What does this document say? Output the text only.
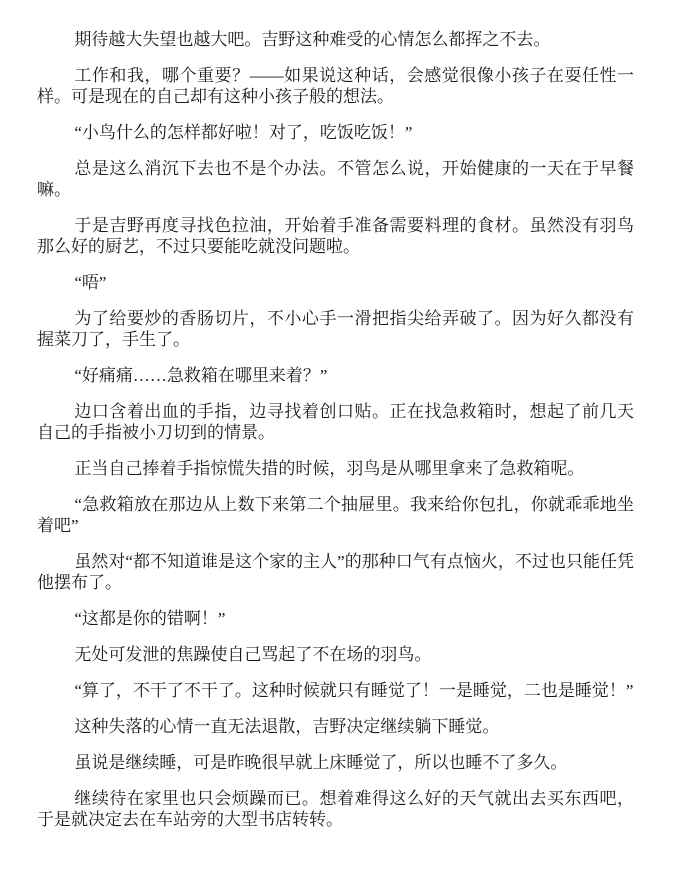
期待越大失望也越大吧。吉野这种难受的心情怎么都挥之不去。

工作和我，哪个重要？——如果说这种话，会感觉很像小孩子在耍任性一样。可是现在的自己却有这种小孩子般的想法。

“小鸟什么的怎样都好啦！对了，吃饭吃饭！”

总是这么消沉下去也不是个办法。不管怎么说，开始健康的一天在于早餐嘛。

于是吉野再度寻找色拉油，开始着手准备需要料理的食材。虽然没有羽鸟那么好的厨艺，不过只要能吃就没问题啦。

“唔”

为了给要炒的香肠切片，不小心手一滑把指尖给弄破了。因为好久都没有握菜刀了，手生了。

“好痛痛……急救箱在哪里来着？”

边口含着出血的手指，边寻找着创口贴。正在找急救箱时，想起了前几天自己的手指被小刀切到的情景。

正当自己捧着手指惊慌失措的时候，羽鸟是从哪里拿来了急救箱呢。

“急救箱放在那边从上数下来第二个抽屉里。我来给你包扎，你就乖乖地坐着吧”

虽然对“都不知道谁是这个家的主人”的那种口气有点恼火，不过也只能任凭他摆布了。

“这都是你的错啊！”

无处可发泄的焦躁使自己骂起了不在场的羽鸟。

“算了，不干了不干了。这种时候就只有睡觉了！一是睡觉，二也是睡觉！”

这种失落的心情一直无法退散，吉野决定继续躺下睡觉。

虽说是继续睡，可是昨晚很早就上床睡觉了，所以也睡不了多久。

继续待在家里也只会烦躁而已。想着难得这么好的天气就出去买东西吧，于是就决定去在车站旁的大型书店转转。
